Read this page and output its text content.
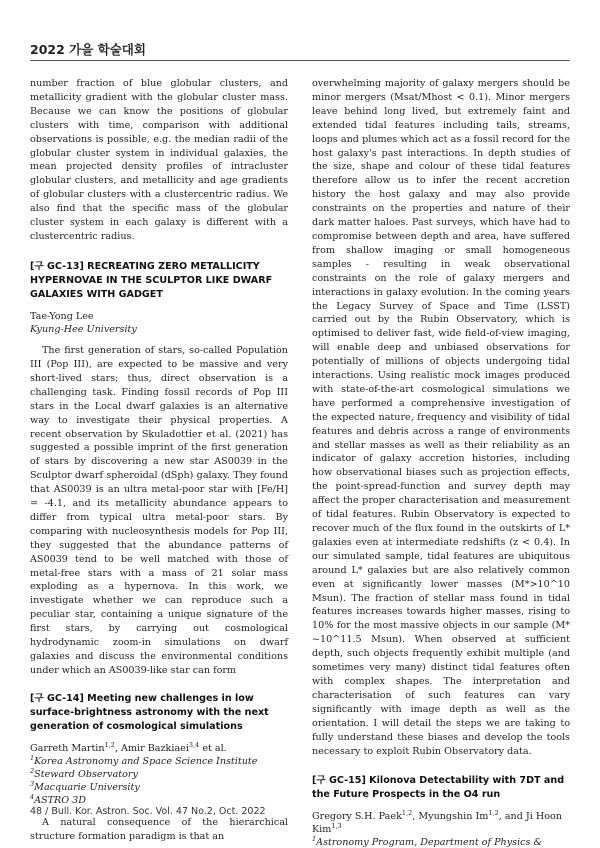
2022 가을 학술대회

number fraction of blue globular clusters, and metallicity gradient with the globular cluster mass. Because we can know the positions of globular clusters with time, comparison with additional observations is possible, e.g. the median radii of the globular cluster system in individual galaxies, the mean projected density profiles of intracluster globular clusters, and metallicity and age gradients of globular clusters with a clustercentric radius. We also find that the specific mass of the globular cluster system in each galaxy is different with a clustercentric radius.

[구 GC-13] RECREATING ZERO METALLICITY HYPERNOVAE IN THE SCULPTOR LIKE DWARF GALAXIES WITH GADGET

Tae-Yong Lee

Kyung-Hee University

The first generation of stars, so-called Population III (Pop III), are expected to be massive and very short-lived stars; thus, direct observation is a challenging task. Finding fossil records of Pop III stars in the Local dwarf galaxies is an alternative way to investigate their physical properties. A recent observation by Skuladottier et al. (2021) has suggested a possible imprint of the first generation of stars by discovering a new star AS0039 in the Sculptor dwarf spheroidal (dSph) galaxy. They found that AS0039 is an ultra metal-poor star with [Fe/H] = -4.1, and its metallicity abundance appears to differ from typical ultra metal-poor stars. By comparing with nucleosynthesis models for Pop III, they suggested that the abundance patterns of AS0039 tend to be well matched with those of metal-free stars with a mass of 21 solar mass exploding as a hypernova. In this work, we investigate whether we can reproduce such a peculiar star, containing a unique signature of the first stars, by carrying out cosmological hydrodynamic zoom-in simulations on dwarf galaxies and discuss the environmental conditions under which an AS0039-like star can form

[구 GC-14] Meeting new challenges in low surface-brightness astronomy with the next generation of cosmological simulations

Garreth Martin$^{1,2}$, Amir Bazkiaei$^{3,4}$ et al.

$^1$Korea Astronomy and Space Science Institute

$^2$Steward Observatory

$^3$Macquarie University

$^4$ASTRO 3D

A natural consequence of the hierarchical structure formation paradigm is that an

overwhelming majority of galaxy mergers should be minor mergers (Msat/Mhost < 0.1). Minor mergers leave behind long lived, but extremely faint and extended tidal features including tails, streams, loops and plumes which act as a fossil record for the host galaxy's past interactions. In depth studies of the size, shape and colour of these tidal features therefore allow us to infer the recent accretion history the host galaxy and may also provide constraints on the properties and nature of their dark matter haloes. Past surveys, which have had to compromise between depth and area, have suffered from shallow imaging or small homogeneous samples - resulting in weak observational constraints on the role of galaxy mergers and interactions in galaxy evolution. In the coming years the Legacy Survey of Space and Time (LSST) carried out by the Rubin Observatory, which is optimised to deliver fast, wide field-of-view imaging, will enable deep and unbiased observations for potentially of millions of objects undergoing tidal interactions. Using realistic mock images produced with state-of-the-art cosmological simulations we have performed a comprehensive investigation of the expected nature, frequency and visibility of tidal features and debris across a range of environments and stellar masses as well as their reliability as an indicator of galaxy accretion histories, including how observational biases such as projection effects, the point-spread-function and survey depth may affect the proper characterisation and measurement of tidal features. Rubin Observatory is expected to recover much of the flux found in the outskirts of L* galaxies even at intermediate redshifts (z < 0.4). In our simulated sample, tidal features are ubiquitous around L* galaxies but are also relatively common even at significantly lower masses (M*>10^10 Msun). The fraction of stellar mass found in tidal features increases towards higher masses, rising to 10% for the most massive objects in our sample (M* ~10^11.5 Msun). When observed at sufficient depth, such objects frequently exhibit multiple (and sometimes very many) distinct tidal features often with complex shapes. The interpretation and characterisation of such features can vary significantly with image depth as well as the orientation. I will detail the steps we are taking to fully understand these biases and develop the tools necessary to exploit Rubin Observatory data.

[구 GC-15] Kilonova Detectability with 7DT and the Future Prospects in the O4 run

Gregory S.H. Paek$^{1,2}$, Myungshin Im$^{1,2}$, and Ji Hoon Kim$^{1,3}$

$^1$Astronomy Program, Department of Physics &

48 / Bull. Kor. Astron. Soc. Vol. 47 No.2, Oct. 2022
